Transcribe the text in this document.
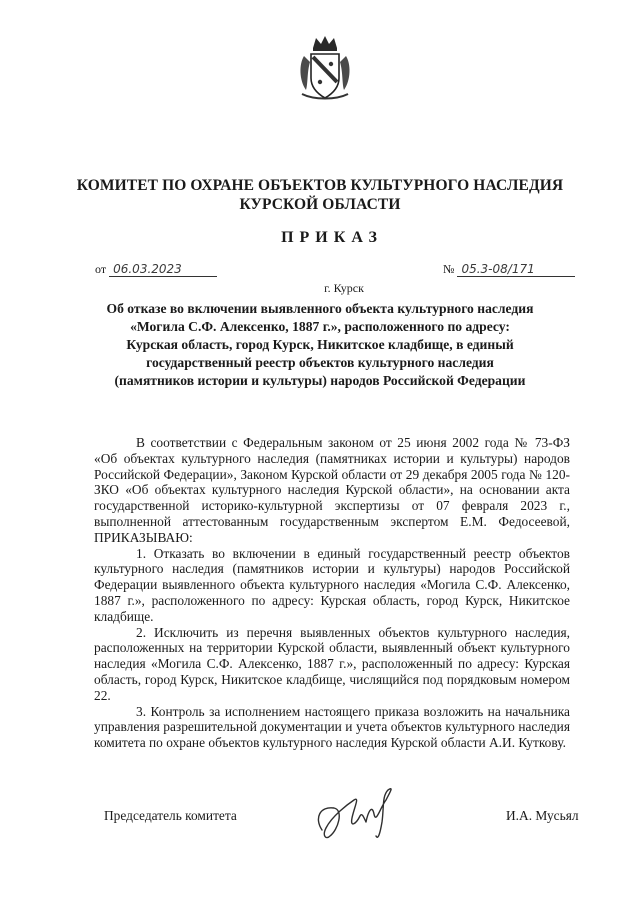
КОМИТЕТ ПО ОХРАНЕ ОБЪЕКТОВ КУЛЬТУРНОГО НАСЛЕДИЯ
КУРСКОЙ ОБЛАСТИ
ПРИКАЗ
от 06.03.2023	№ 05.3-08/171
г. Курск
Об отказе во включении выявленного объекта культурного наследия
«Могила С.Ф. Алексенко, 1887 г.», расположенного по адресу:
Курская область, город Курск, Никитское кладбище, в единый
государственный реестр объектов культурного наследия
(памятников истории и культуры) народов Российской Федерации

В соответствии с Федеральным законом от 25 июня 2002 года № 73-ФЗ «Об объектах культурного наследия (памятниках истории и культуры) народов Российской Федерации», Законом Курской области от 29 декабря 2005 года № 120-ЗКО «Об объектах культурного наследия Курской области», на основании акта государственной историко-культурной экспертизы от 07 февраля 2023 г., выполненной аттестованным государственным экспертом Е.М. Федосеевой, ПРИКАЗЫВАЮ:

1. Отказать во включении в единый государственный реестр объектов культурного наследия (памятников истории и культуры) народов Российской Федерации выявленного объекта культурного наследия «Могила С.Ф. Алексенко, 1887 г.», расположенного по адресу: Курская область, город Курск, Никитское кладбище.

2. Исключить из перечня выявленных объектов культурного наследия, расположенных на территории Курской области, выявленный объект культурного наследия «Могила С.Ф. Алексенко, 1887 г.», расположенный по адресу: Курская область, город Курск, Никитское кладбище, числящийся под порядковым номером 22.

3. Контроль за исполнением настоящего приказа возложить на начальника управления разрешительной документации и учета объектов культурного наследия комитета по охране объектов культурного наследия Курской области А.И. Куткову.

Председатель комитета	И.А. Мусьял
